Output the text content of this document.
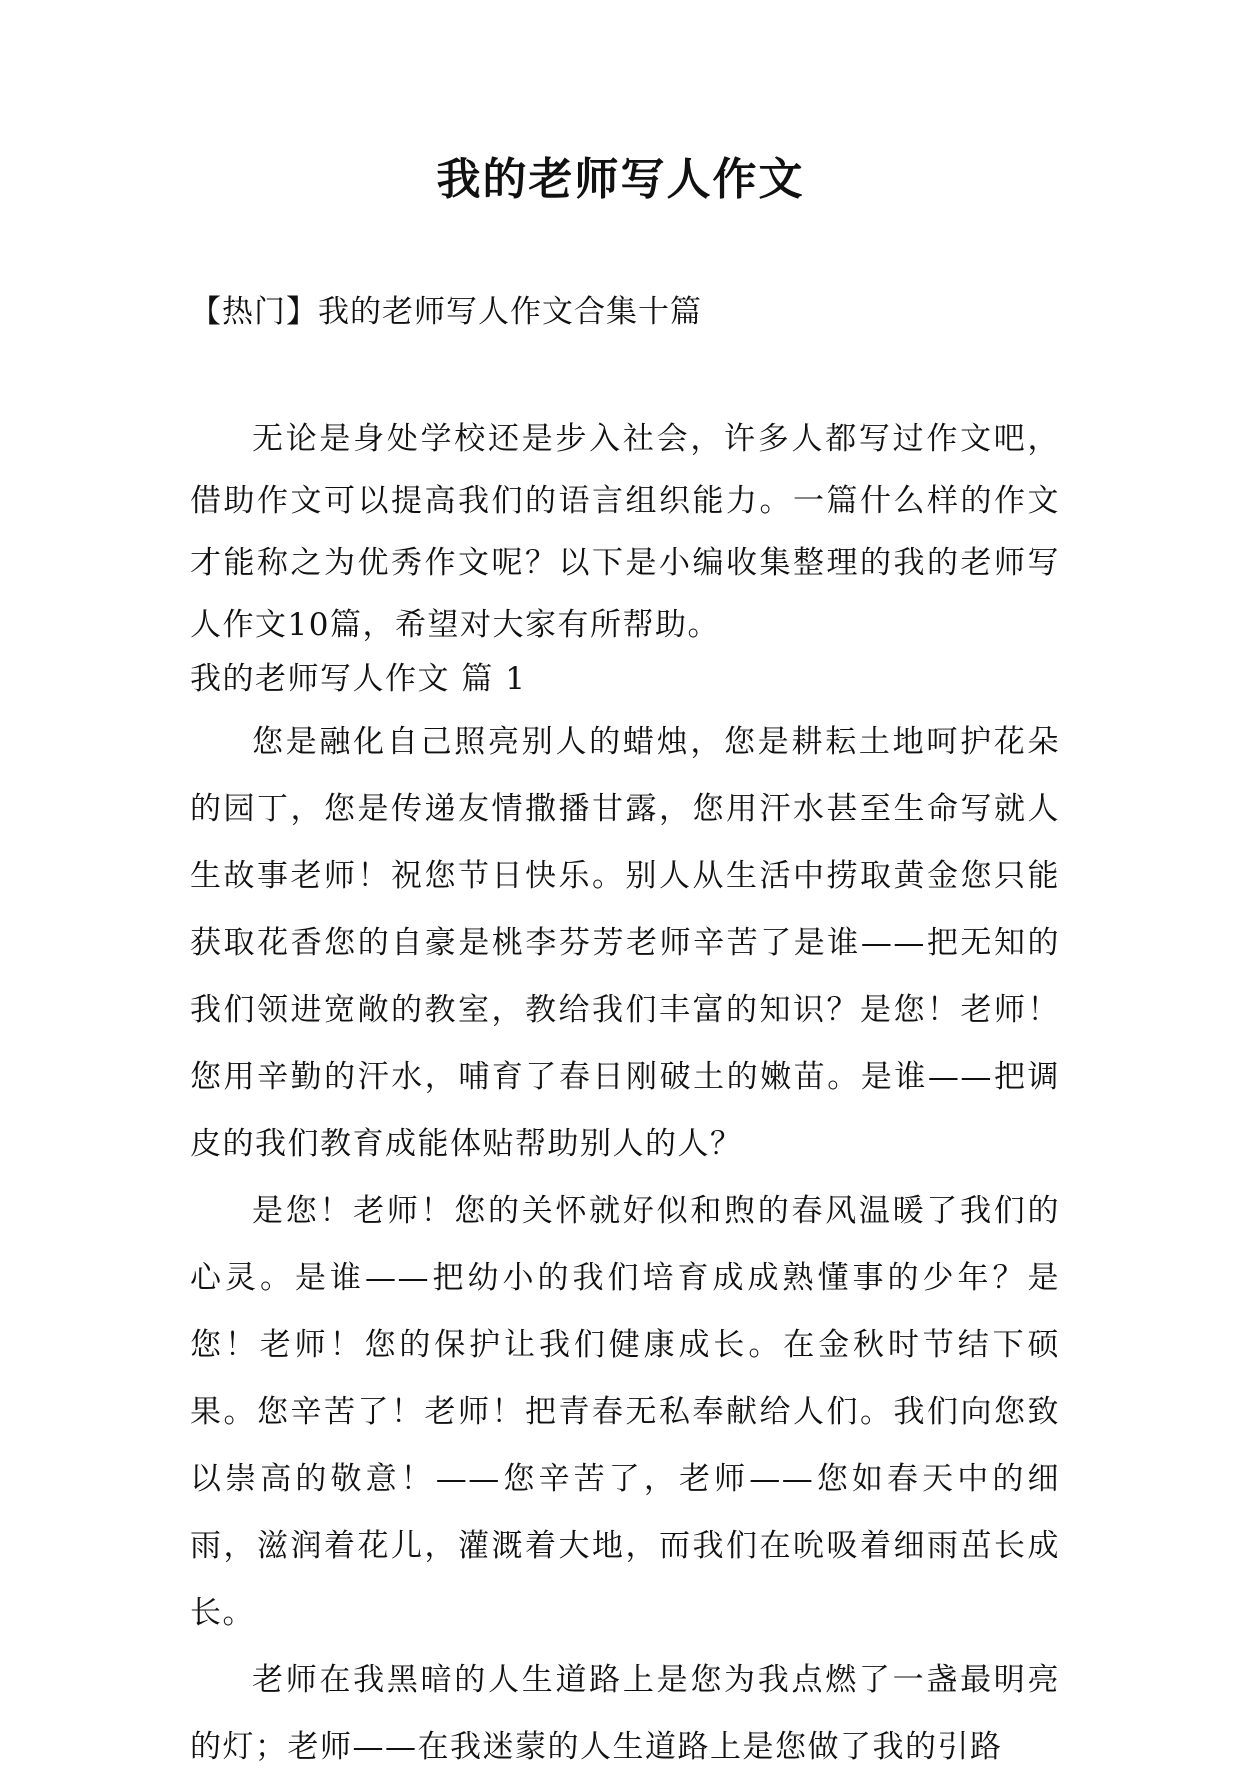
我的老师写人作文

【热门】我的老师写人作文合集十篇

无论是身处学校还是步入社会，许多人都写过作文吧，借助作文可以提高我们的语言组织能力。一篇什么样的作文才能称之为优秀作文呢？以下是小编收集整理的我的老师写人作文10篇，希望对大家有所帮助。

我的老师写人作文 篇 1

您是融化自己照亮别人的蜡烛，您是耕耘土地呵护花朵的园丁，您是传递友情撒播甘露，您用汗水甚至生命写就人生故事老师！祝您节日快乐。别人从生活中捞取黄金您只能获取花香您的自豪是桃李芬芳老师辛苦了是谁——把无知的我们领进宽敞的教室，教给我们丰富的知识？是您！老师！您用辛勤的汗水，哺育了春日刚破土的嫩苗。是谁——把调皮的我们教育成能体贴帮助别人的人？

是您！老师！您的关怀就好似和煦的春风温暖了我们的心灵。是谁——把幼小的我们培育成成熟懂事的少年？是您！老师！您的保护让我们健康成长。在金秋时节结下硕果。您辛苦了！老师！把青春无私奉献给人们。我们向您致以崇高的敬意！——您辛苦了，老师——您如春天中的细雨，滋润着花儿，灌溉着大地，而我们在吮吸着细雨茁长成长。

老师在我黑暗的人生道路上是您为我点燃了一盏最明亮的灯；老师——在我迷蒙的人生道路上是您做了我的引路
